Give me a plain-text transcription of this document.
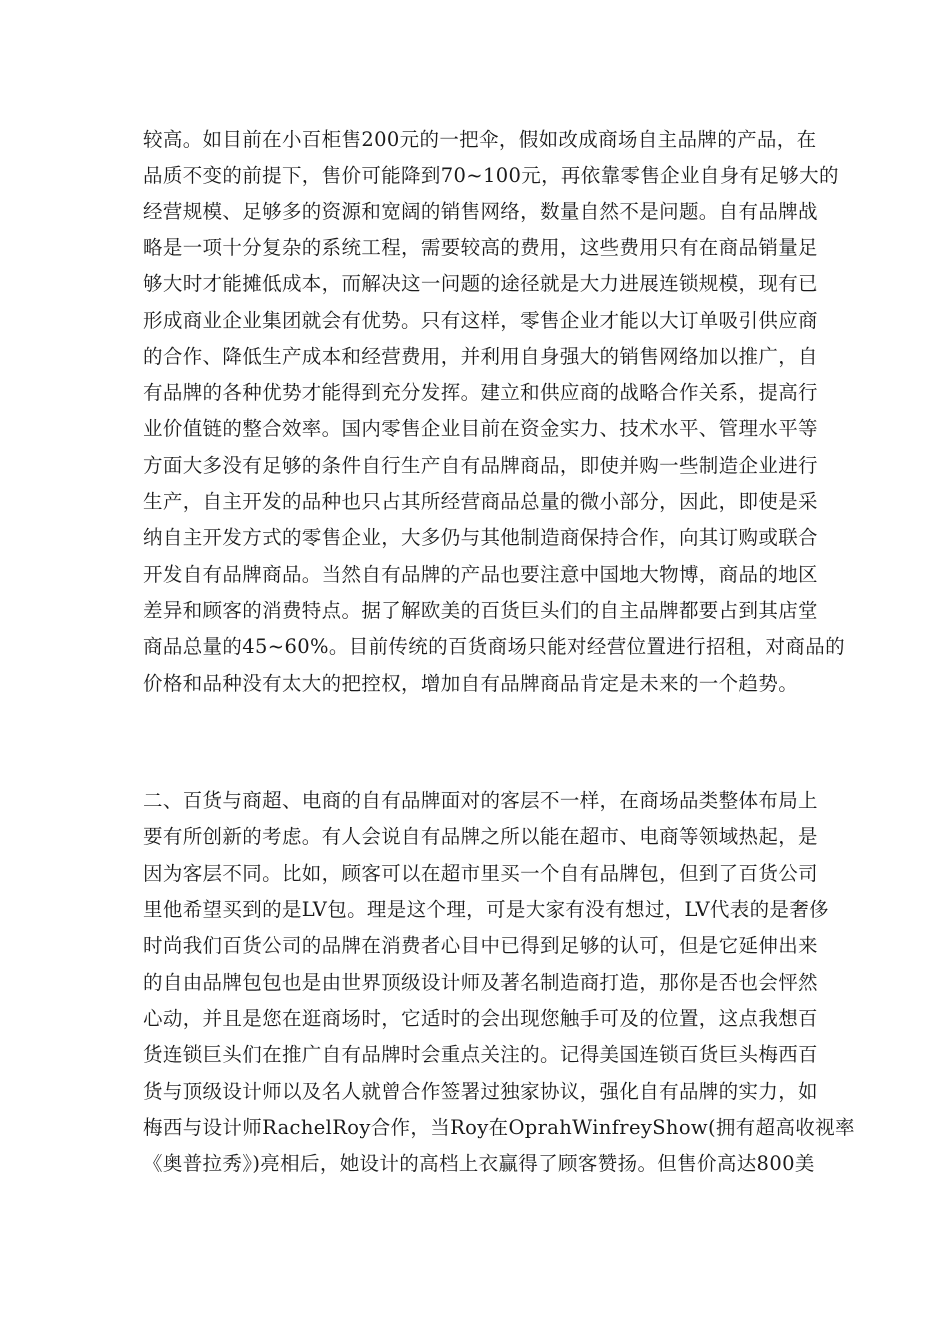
较高。如目前在小百柜售200元的一把伞，假如改成商场自主品牌的产品，在
品质不变的前提下，售价可能降到70~100元，再依靠零售企业自身有足够大的
经营规模、足够多的资源和宽阔的销售网络，数量自然不是问题。自有品牌战
略是一项十分复杂的系统工程，需要较高的费用，这些费用只有在商品销量足
够大时才能摊低成本，而解决这一问题的途径就是大力进展连锁规模，现有已
形成商业企业集团就会有优势。只有这样，零售企业才能以大订单吸引供应商
的合作、降低生产成本和经营费用，并利用自身强大的销售网络加以推广，自
有品牌的各种优势才能得到充分发挥。建立和供应商的战略合作关系，提高行
业价值链的整合效率。国内零售企业目前在资金实力、技术水平、管理水平等
方面大多没有足够的条件自行生产自有品牌商品，即使并购一些制造企业进行
生产，自主开发的品种也只占其所经营商品总量的微小部分，因此，即使是采
纳自主开发方式的零售企业，大多仍与其他制造商保持合作，向其订购或联合
开发自有品牌商品。当然自有品牌的产品也要注意中国地大物博，商品的地区
差异和顾客的消费特点。据了解欧美的百货巨头们的自主品牌都要占到其店堂
商品总量的45~60%。目前传统的百货商场只能对经营位置进行招租，对商品的
价格和品种没有太大的把控权，增加自有品牌商品肯定是未来的一个趋势。
二、百货与商超、电商的自有品牌面对的客层不一样，在商场品类整体布局上
要有所创新的考虑。有人会说自有品牌之所以能在超市、电商等领域热起，是
因为客层不同。比如，顾客可以在超市里买一个自有品牌包，但到了百货公司
里他希望买到的是LV包。理是这个理，可是大家有没有想过，LV代表的是奢侈
时尚我们百货公司的品牌在消费者心目中已得到足够的认可，但是它延伸出来
的自由品牌包包也是由世界顶级设计师及著名制造商打造，那你是否也会怦然
心动，并且是您在逛商场时，它适时的会出现您触手可及的位置，这点我想百
货连锁巨头们在推广自有品牌时会重点关注的。记得美国连锁百货巨头梅西百
货与顶级设计师以及名人就曾合作签署过独家协议，强化自有品牌的实力，如
梅西与设计师RachelRoy合作，当Roy在OprahWinfreyShow(拥有超高收视率
《奥普拉秀》)亮相后，她设计的高档上衣赢得了顾客赞扬。但售价高达800美
